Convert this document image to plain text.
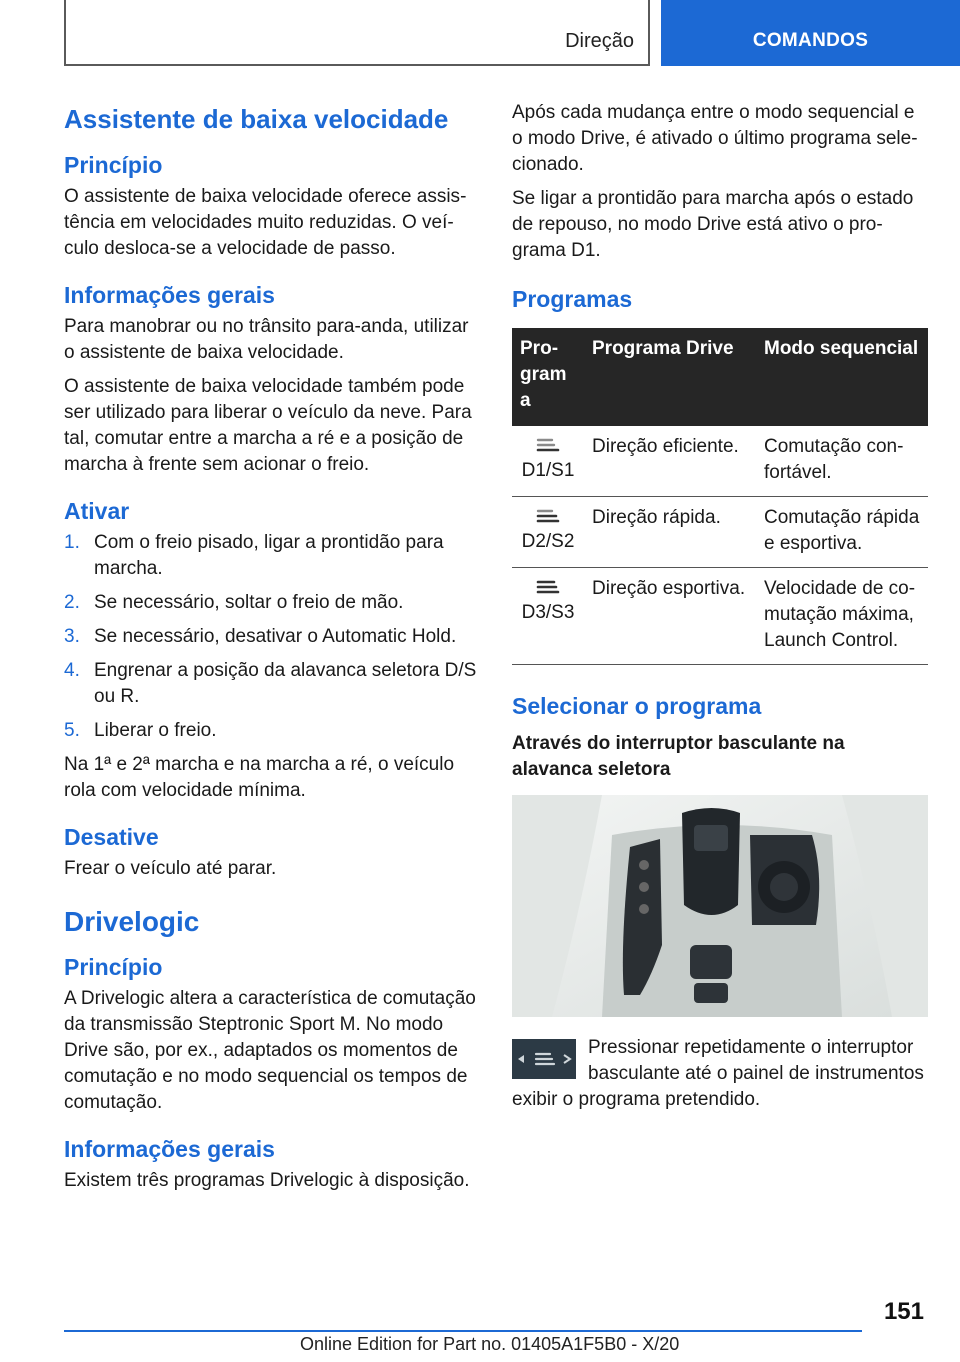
Direção	COMANDOS
Assistente de baixa velocidade
Princípio

O assistente de baixa velocidade oferece assistência em velocidades muito reduzidas. O veículo desloca-se a velocidade de passo.

Informações gerais

Para manobrar ou no trânsito para-anda, utilizar o assistente de baixa velocidade.

O assistente de baixa velocidade também pode ser utilizado para liberar o veículo da neve. Para tal, comutar entre a marcha a ré e a posição de marcha à frente sem acionar o freio.

Ativar
1. Com o freio pisado, ligar a prontidão para marcha.
2. Se necessário, soltar o freio de mão.
3. Se necessário, desativar o Automatic Hold.
4. Engrenar a posição da alavanca seletora D/S ou R.
5. Liberar o freio.

Na 1ª e 2ª marcha e na marcha a ré, o veículo rola com velocidade mínima.

Desative

Frear o veículo até parar.

Drivelogic
Princípio

A Drivelogic altera a característica de comutação da transmissão Steptronic Sport M. No modo Drive são, por ex., adaptados os momentos de comutação e no modo sequencial os tempos de comutação.

Informações gerais

Existem três programas Drivelogic à disposição.

Após cada mudança entre o modo sequencial e o modo Drive, é ativado o último programa selecionado.

Se ligar a prontidão para marcha após o estado de repouso, no modo Drive está ativo o programa D1.

Programas
Program a	Programa Drive	Modo sequencial

D1/S1	Direção eficiente.	Comutação confortável.

D2/S2	Direção rápida.	Comutação rápida e esportiva.

D3/S3	Direção esportiva.	Velocidade de comutação máxima, Launch Control.
Selecionar o programa
Através do interruptor basculante na alavanca seletora

Pressionar repetidamente o interruptor basculante até o painel de instrumentos exibir o programa pretendido.

151
Online Edition for Part no. 01405A1F5B0 - X/20
